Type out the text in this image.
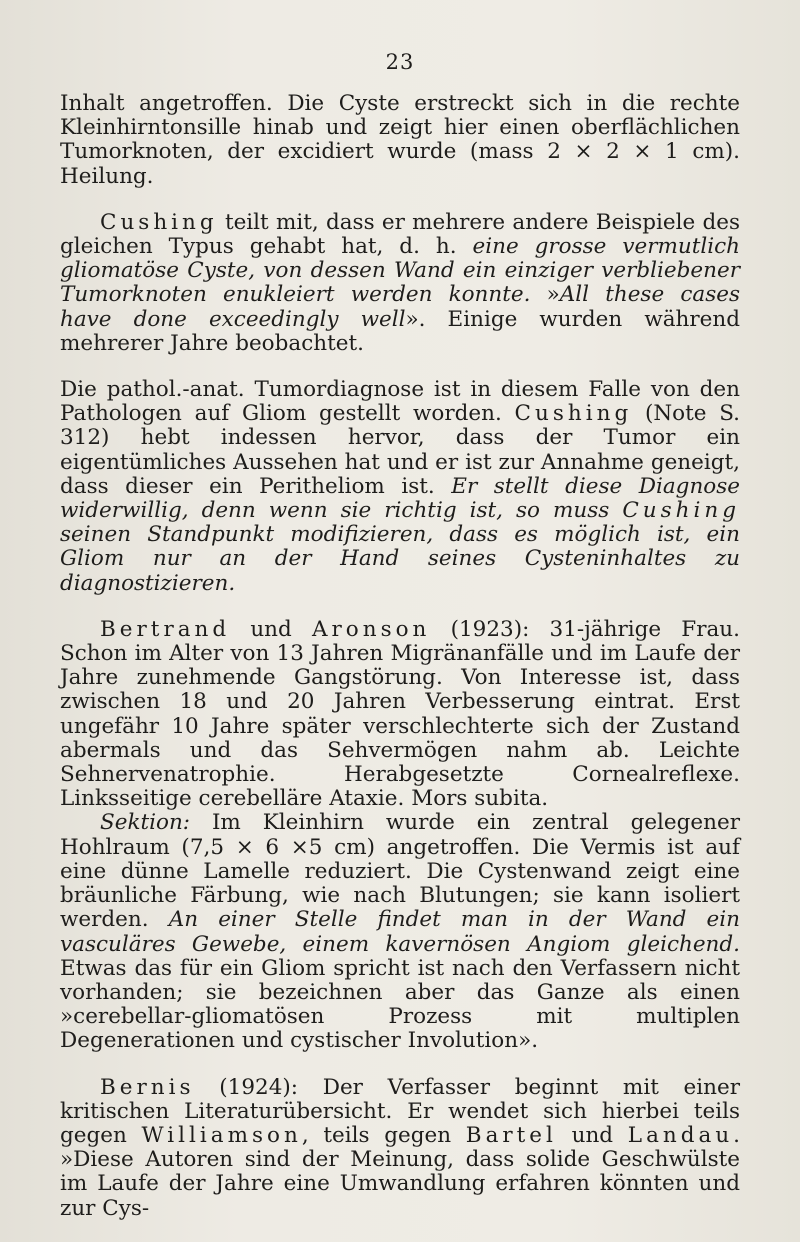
23

Inhalt angetroffen. Die Cyste erstreckt sich in die rechte Kleinhirntonsille hinab und zeigt hier einen oberflächlichen Tumorknoten, der excidiert wurde (mass 2 × 2 × 1 cm). Heilung.

Cushing teilt mit, dass er mehrere andere Beispiele des gleichen Typus gehabt hat, d. h. eine grosse vermutlich gliomatöse Cyste, von dessen Wand ein einziger verbliebener Tumorknoten enukleiert werden konnte. »All these cases have done exceedingly well». Einige wurden während mehrerer Jahre beobachtet.

Die pathol.-anat. Tumordiagnose ist in diesem Falle von den Pathologen auf Gliom gestellt worden. Cushing (Note S. 312) hebt indessen hervor, dass der Tumor ein eigentümliches Aussehen hat und er ist zur Annahme geneigt, dass dieser ein Peritheliom ist. Er stellt diese Diagnose widerwillig, denn wenn sie richtig ist, so muss Cushing seinen Standpunkt modifizieren, dass es möglich ist, ein Gliom nur an der Hand seines Cysteninhaltes zu diagnostizieren.

Bertrand und Aronson (1923): 31-jährige Frau. Schon im Alter von 13 Jahren Migränanfälle und im Laufe der Jahre zunehmende Gangstörung. Von Interesse ist, dass zwischen 18 und 20 Jahren Verbesserung eintrat. Erst ungefähr 10 Jahre später verschlechterte sich der Zustand abermals und das Sehvermögen nahm ab. Leichte Sehnervenatrophie. Herabgesetzte Cornealreflexe. Linksseitige cerebelläre Ataxie. Mors subita.

Sektion: Im Kleinhirn wurde ein zentral gelegener Hohlraum (7,5 × 6 ×5 cm) angetroffen. Die Vermis ist auf eine dünne Lamelle reduziert. Die Cystenwand zeigt eine bräunliche Färbung, wie nach Blutungen; sie kann isoliert werden. An einer Stelle findet man in der Wand ein vasculäres Gewebe, einem kavernösen Angiom gleichend. Etwas das für ein Gliom spricht ist nach den Verfassern nicht vorhanden; sie bezeichnen aber das Ganze als einen »cerebellar-gliomatösen Prozess mit multiplen Degenerationen und cystischer Involution».

Bernis (1924): Der Verfasser beginnt mit einer kritischen Literaturübersicht. Er wendet sich hierbei teils gegen Williamson, teils gegen Bartel und Landau. »Diese Autoren sind der Meinung, dass solide Geschwülste im Laufe der Jahre eine Umwandlung erfahren könnten und zur Cys-
